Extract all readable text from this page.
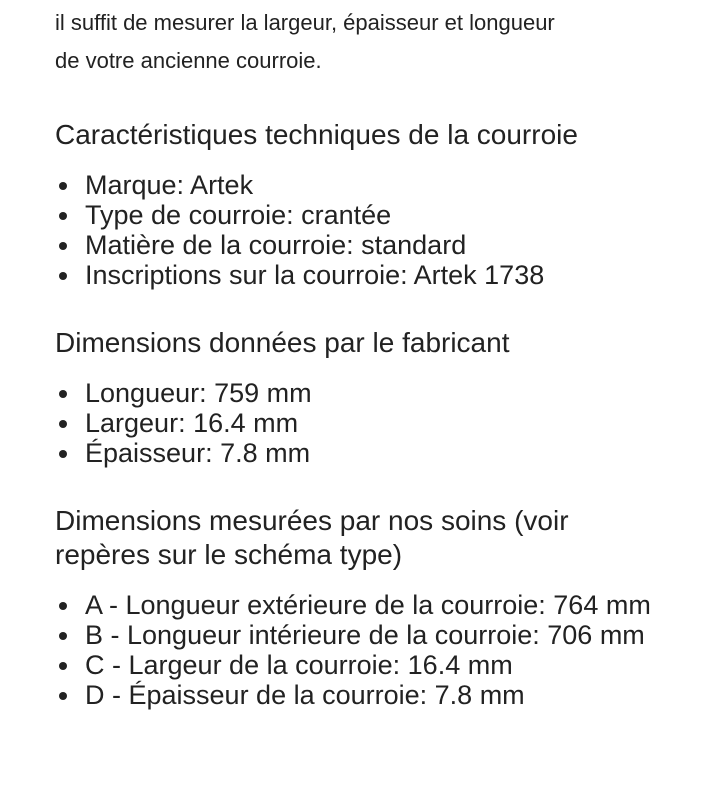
il suffit de mesurer la largeur, épaisseur et longueur
de votre ancienne courroie.

Caractéristiques techniques de la courroie
Marque: Artek
Type de courroie: crantée
Matière de la courroie: standard
Inscriptions sur la courroie: Artek 1738
Dimensions données par le fabricant
Longueur: 759 mm
Largeur: 16.4 mm
Épaisseur: 7.8 mm
Dimensions mesurées par nos soins (voir repères sur le schéma type)
A - Longueur extérieure de la courroie: 764 mm
B - Longueur intérieure de la courroie: 706 mm
C - Largeur de la courroie: 16.4 mm
D - Épaisseur de la courroie: 7.8 mm
